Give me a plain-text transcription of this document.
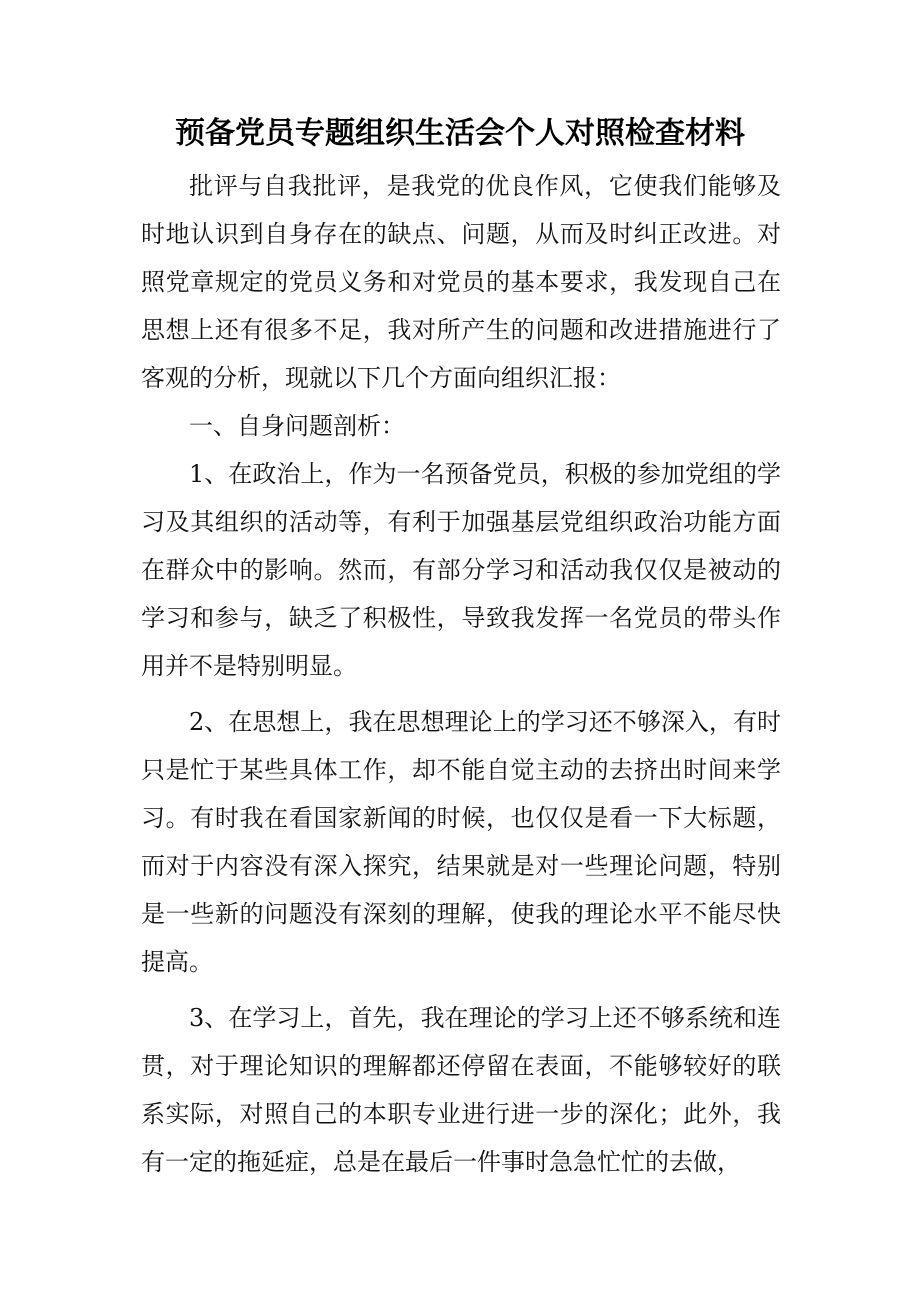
预备党员专题组织生活会个人对照检查材料

批评与自我批评，是我党的优良作风，它使我们能够及时地认识到自身存在的缺点、问题，从而及时纠正改进。对照党章规定的党员义务和对党员的基本要求，我发现自己在思想上还有很多不足，我对所产生的问题和改进措施进行了客观的分析，现就以下几个方面向组织汇报：

一、自身问题剖析：

1、在政治上，作为一名预备党员，积极的参加党组的学习及其组织的活动等，有利于加强基层党组织政治功能方面在群众中的影响。然而，有部分学习和活动我仅仅是被动的学习和参与，缺乏了积极性，导致我发挥一名党员的带头作用并不是特别明显。

2、在思想上，我在思想理论上的学习还不够深入，有时只是忙于某些具体工作，却不能自觉主动的去挤出时间来学习。有时我在看国家新闻的时候，也仅仅是看一下大标题，而对于内容没有深入探究，结果就是对一些理论问题，特别是一些新的问题没有深刻的理解，使我的理论水平不能尽快提高。

3、在学习上，首先，我在理论的学习上还不够系统和连贯，对于理论知识的理解都还停留在表面，不能够较好的联系实际，对照自己的本职专业进行进一步的深化；此外，我有一定的拖延症，总是在最后一件事时急急忙忙的去做，
